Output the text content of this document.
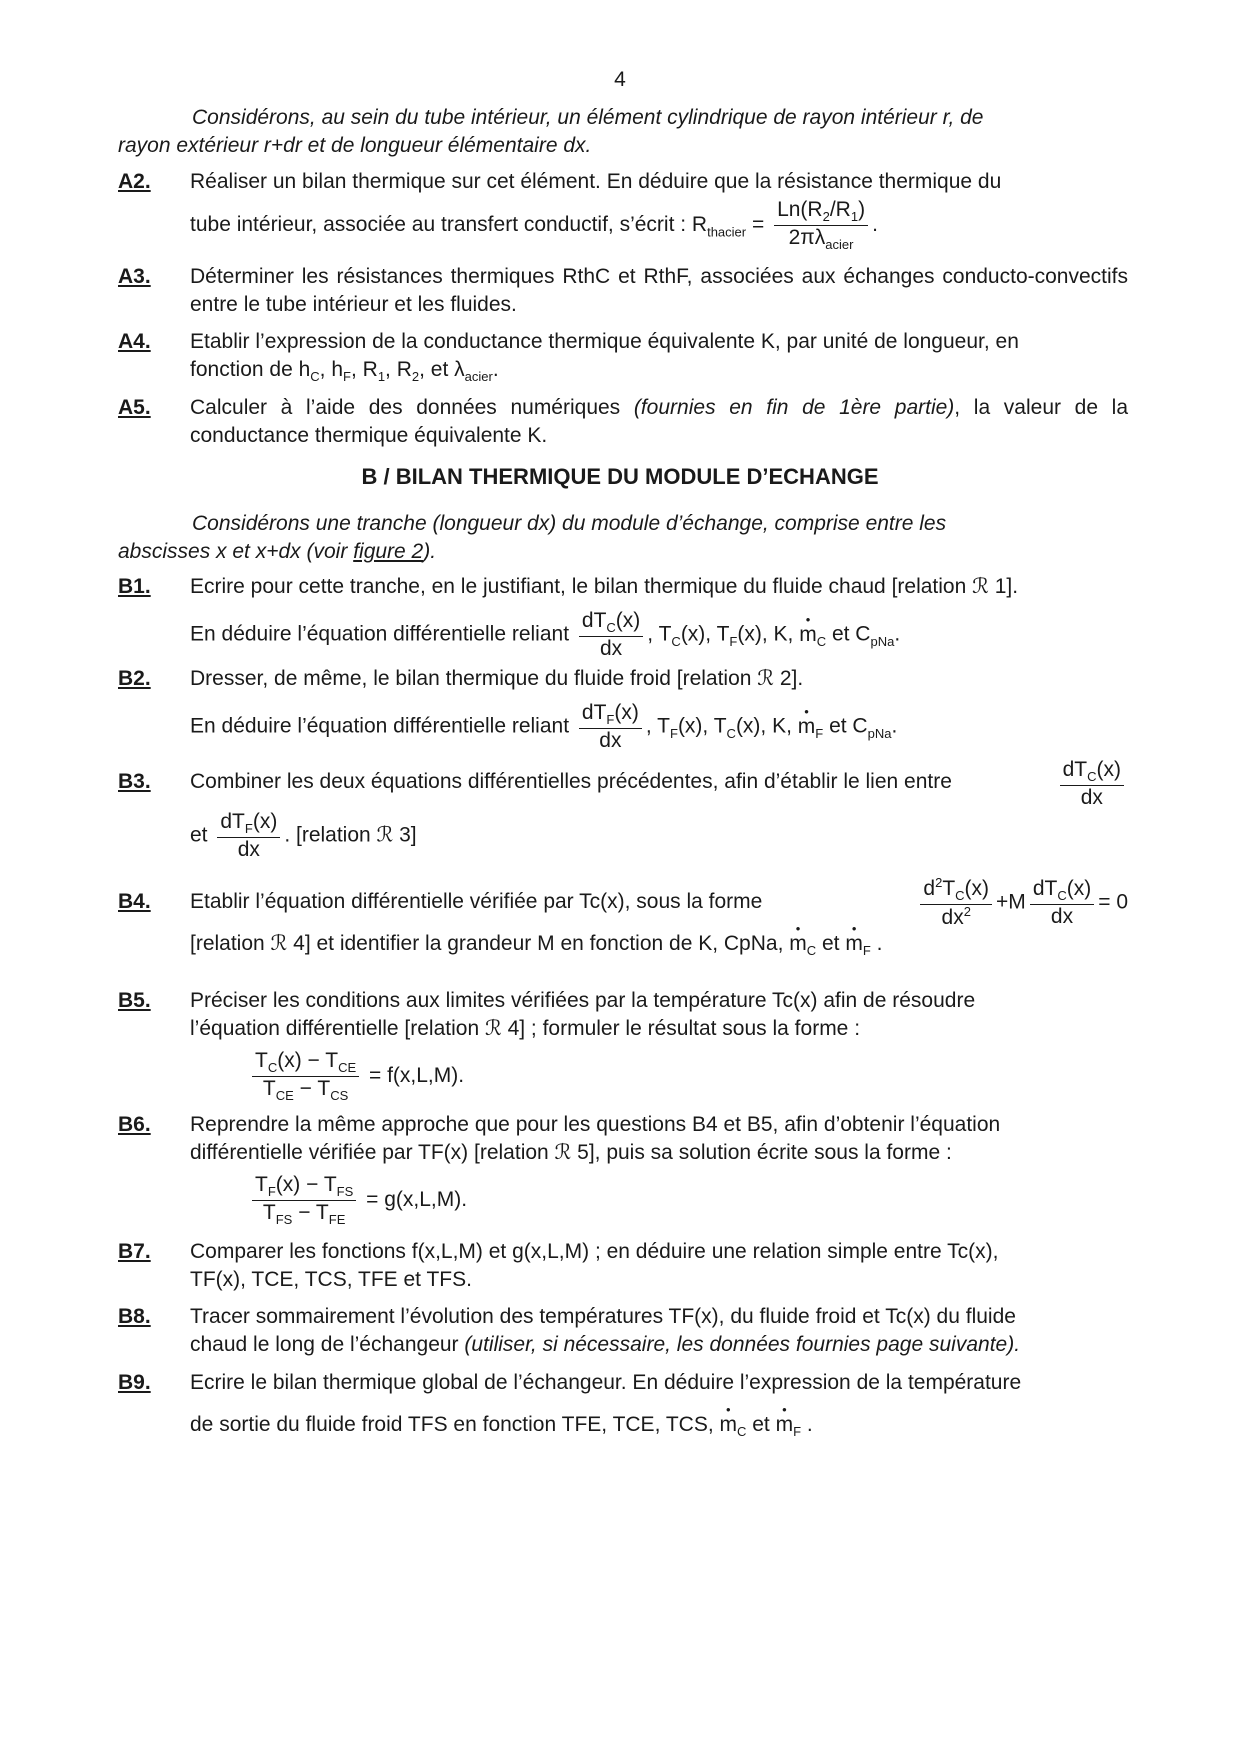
4
Considérons, au sein du tube intérieur, un élément cylindrique de rayon intérieur r, de
rayon extérieur r+dr et de longueur élémentaire dx.
A2. Réaliser un bilan thermique sur cet élément. En déduire que la résistance thermique du
tube intérieur, associée au transfert conductif, s’écrit : $R_{thacier} = \frac{Ln(R_2/R_1)}{2\pi\lambda_{acier}}$ .
A3. Déterminer les résistances thermiques RthC et RthF, associées aux échanges conducto-convectifs entre le tube intérieur et les fluides.
A4. Etablir l’expression de la conductance thermique équivalente K, par unité de longueur, en
fonction de $h_C$, $h_F$, $R_1$, $R_2$, et $\lambda_{acier}$.
A5. Calculer à l’aide des données numériques (fournies en fin de 1ère partie), la valeur de la conductance thermique équivalente K.
B / BILAN THERMIQUE DU MODULE D’ECHANGE
Considérons une tranche (longueur dx) du module d’échange, comprise entre les
abscisses x et x+dx (voir figure 2).
B1. Ecrire pour cette tranche, en le justifiant, le bilan thermique du fluide chaud [relation ℛ 1].
En déduire l’équation différentielle reliant $\frac{dT_C(x)}{dx}$ , $T_C(x)$, $T_F(x)$, K, • $m_C$ et $C_{pNa}$.
B2. Dresser, de même, le bilan thermique du fluide froid [relation ℛ 2].
En déduire l’équation différentielle reliant $\frac{dT_F(x)}{dx}$ , $T_F(x)$, $T_C(x)$, K, • $m_F$ et $C_{pNa}$.
B3. Combiner les deux équations différentielles précédentes, afin d’établir le lien entre
$dT_C(x)$
dx
et $\frac{dT_F(x)}{dx}$ . [relation ℛ 3]
B4. Etablir l’équation différentielle vérifiée par Tc(x), sous la forme	$\frac{d^2T_C(x)}{dx^2} +M \frac{dT_C(x)}{dx} = 0$
[relation ℛ 4] et identifier la grandeur M en fonction de K, CpNa, • $m_C$ et • $m_F$ .
B5. Préciser les conditions aux limites vérifiées par la température Tc(x) afin de résoudre
l’équation différentielle [relation ℛ 4] ; formuler le résultat sous la forme :
$\frac{T_C(x) - T_{CE}}{T_{CE} - T_{CS}} = f(x,L,M)$.
B6. Reprendre la même approche que pour les questions B4 et B5, afin d’obtenir l’équation
différentielle vérifiée par TF(x) [relation ℛ 5], puis sa solution écrite sous la forme :
$\frac{T_F(x) - T_{FS}}{T_{FS} - T_{FE}} = g(x,L,M)$.
B7. Comparer les fonctions f(x,L,M) et g(x,L,M) ; en déduire une relation simple entre Tc(x),
TF(x), TCE, TCS, TFE et TFS.
B8. Tracer sommairement l’évolution des températures TF(x), du fluide froid et Tc(x) du fluide
chaud le long de l’échangeur (utiliser, si nécessaire, les données fournies page suivante).
B9. Ecrire le bilan thermique global de l’échangeur. En déduire l’expression de la température
de sortie du fluide froid TFS en fonction TFE, TCE, TCS, • $m_C$ et • $m_F$ .
